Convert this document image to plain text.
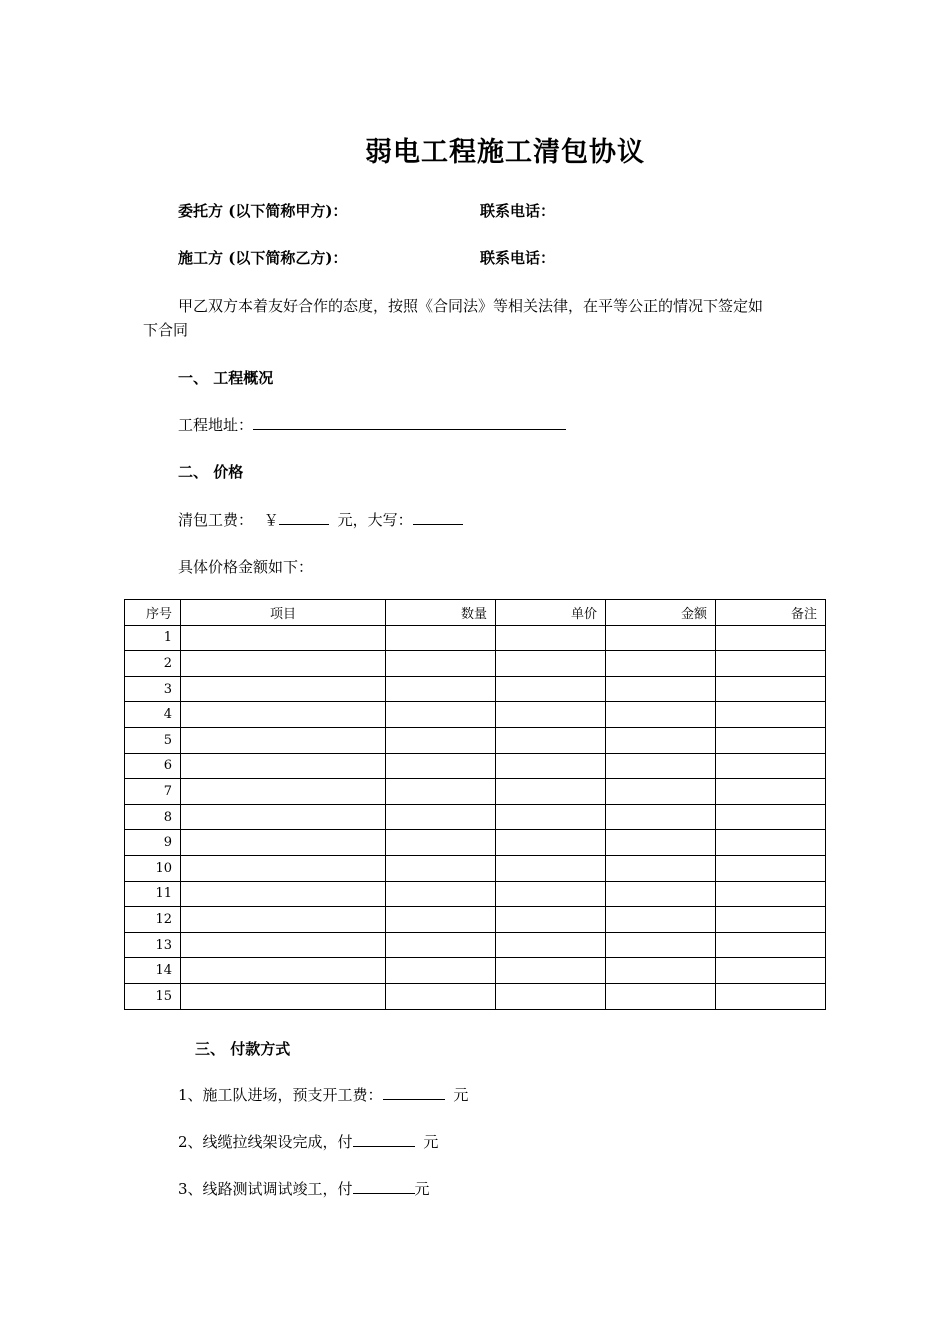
弱电工程施工清包协议
委托方 (以下简称甲方)：	联系电话：
施工方 (以下简称乙方)：	联系电话：
甲乙双方本着友好合作的态度，按照《合同法》等相关法律，在平等公正的情况下签定如
下合同
一、 工程概况
工程地址：
二、 价格
清包工费： ￥	元，大写：
具体价格金额如下：
序号	项目	数量	单价	金额	备注
1					
2					
3					
4					
5					
6					
7					
8					
9					
10					
11					
12					
13					
14					
15					
三、 付款方式
1、施工队进场，预支开工费：	元
2、线缆拉线架设完成，付	元
3、线路测试调试竣工，付	元
